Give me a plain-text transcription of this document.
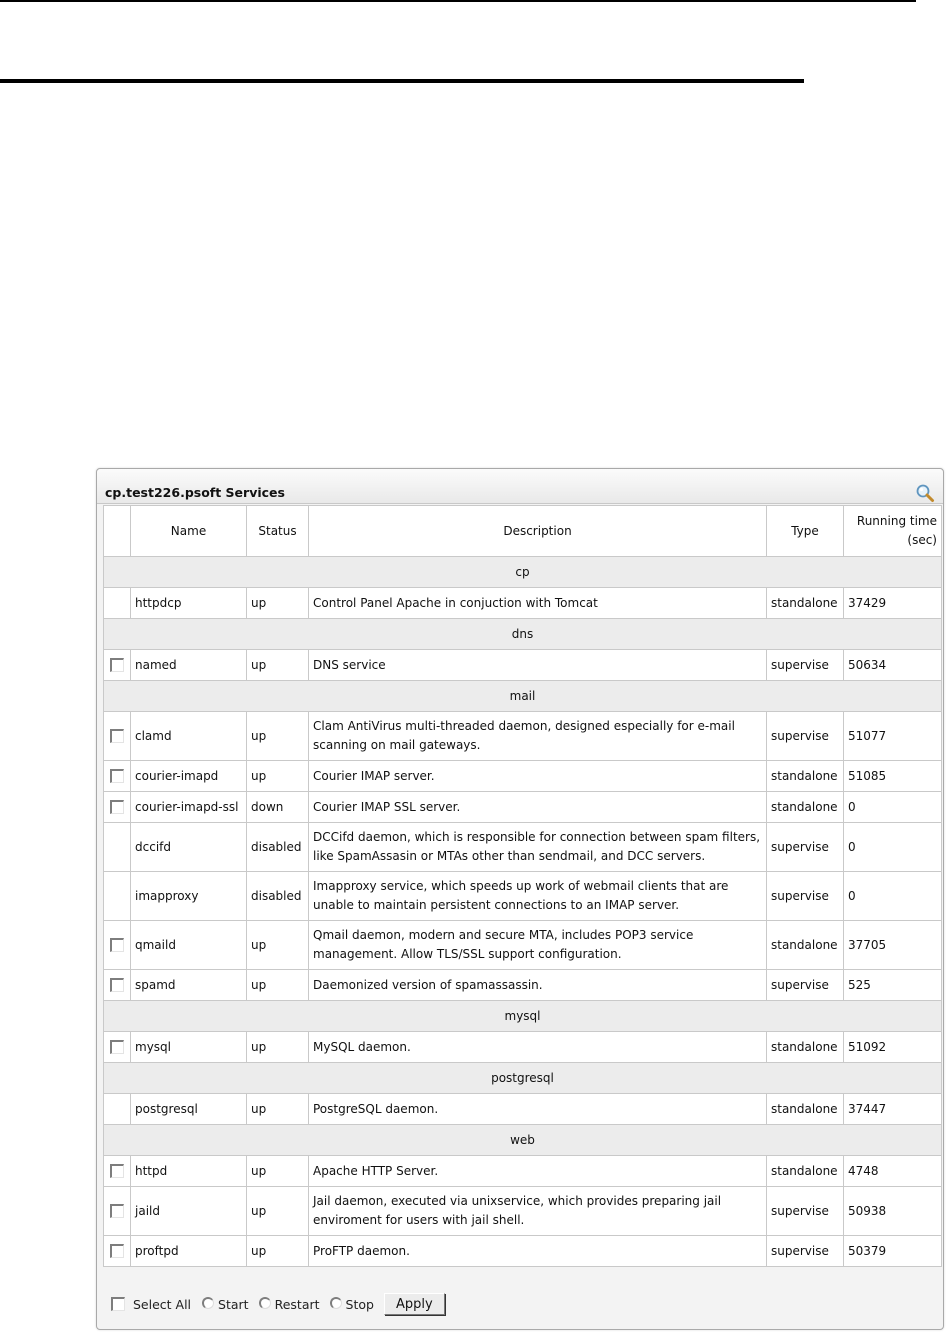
cp.test226.psoft Services
	Name	Status	Description	Type	Running time (sec)
cp					
	httpdcp	up	Control Panel Apache in conjuction with Tomcat	standalone	37429
dns					
	named	up	DNS service	supervise	50634
mail					
	clamd	up	Clam AntiVirus multi-threaded daemon, designed especially for e-mail scanning on mail gateways.	supervise	51077
	courier-imapd	up	Courier IMAP server.	standalone	51085
	courier-imapd-ssl	down	Courier IMAP SSL server.	standalone	0
	dccifd	disabled	DCCifd daemon, which is responsible for connection between spam filters, like SpamAssasin or MTAs other than sendmail, and DCC servers.	supervise	0
	imapproxy	disabled	Imapproxy service, which speeds up work of webmail clients that are unable to maintain persistent connections to an IMAP server.	supervise	0
	qmaild	up	Qmail daemon, modern and secure MTA, includes POP3 service management. Allow TLS/SSL support configuration.	standalone	37705
	spamd	up	Daemonized version of spamassassin.	supervise	525
mysql					
	mysql	up	MySQL daemon.	standalone	51092
postgresql					
	postgresql	up	PostgreSQL daemon.	standalone	37447
web					
	httpd	up	Apache HTTP Server.	standalone	4748
	jaild	up	Jail daemon, executed via unixservice, which provides preparing jail enviroment for users with jail shell.	supervise	50938
	proftpd	up	ProFTP daemon.	supervise	50379
Select All Start Restart Stop	Apply
